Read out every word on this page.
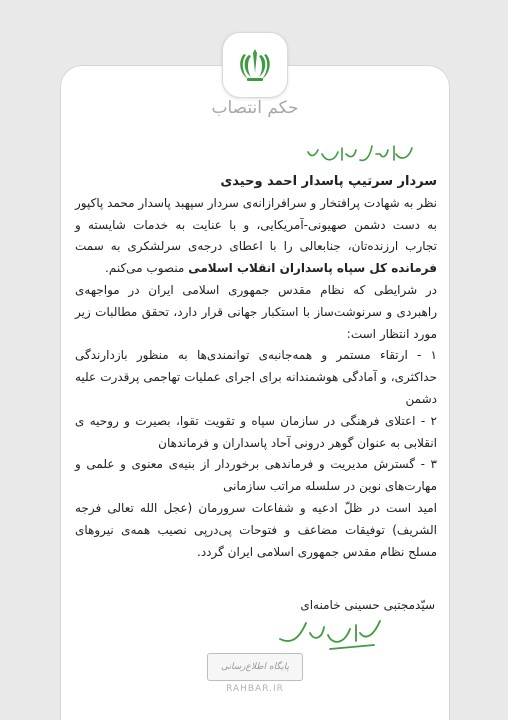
حکم انتصاب

سردار سرتیپ پاسدار احمد وحیدی

نظر به شهادت پرافتخار و سرافرازانه‌ی سردار سپهبد پاسدار محمد پاکپور به دست دشمن صهیونی-آمریکایی، و با عنایت به خدمات شایسته و تجارب ارزنده‌تان، جنابعالی را با اعطای درجه‌ی سرلشکری به سمت فرمانده کل سپاه پاسداران انقلاب اسلامی منصوب می‌کنم.

در شرایطی که نظام مقدس جمهوری اسلامی ایران در مواجهه‌ی راهبردی و سرنوشت‌ساز با استکبار جهانی قرار دارد، تحقق مطالبات زیر مورد انتظار است:

۱ - ارتقاء مستمر و همه‌جانبه‌ی توانمندی‌ها به منظور بازدارندگی حداکثری، و آمادگی هوشمندانه برای اجرای عملیات تهاجمی پرقدرت علیه دشمن

۲ - اعتلای فرهنگی در سازمان سپاه و تقویت تقوا، بصیرت و روحیه ی انقلابی به عنوان گوهر درونی آحاد پاسداران و فرماندهان

۳ - گسترش مدیریت و فرماندهی برخوردار از بنیه‌ی معنوی و علمی و مهارت‌های نوین در سلسله مراتب سازمانی

امید است در ظلّ ادعیه و شفاعات سرورمان (عجل الله تعالی فرجه الشریف) توفیقات مضاعف و فتوحات پی‌درپی نصیب همه‌ی نیروهای مسلح نظام مقدس جمهوری اسلامی ایران گردد.

سیّدمجتبی حسینی خامنه‌ای
پایگاه اطلاع‌رسانی
RAHBAR.IR
